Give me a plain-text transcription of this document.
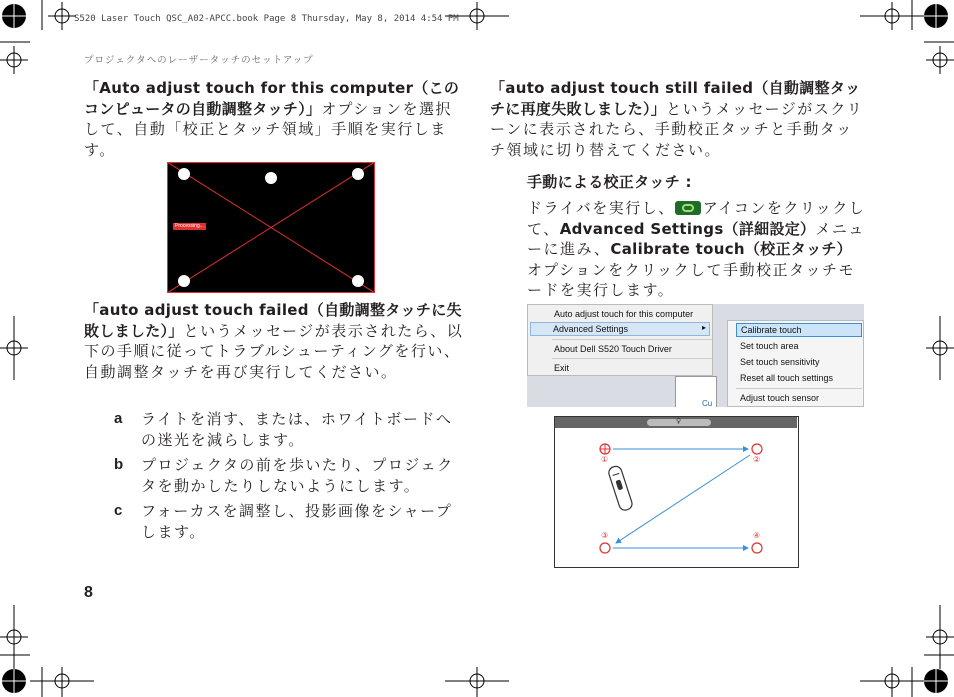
S520 Laser Touch QSC_A02-APCC.book Page 8 Thursday, May 8, 2014 4:54 PM
プロジェクタへのレーザータッチのセットアップ

「Auto adjust touch for this computer（このコンピュータの自動調整タッチ）」オプションを選択して、自動「校正とタッチ領域」手順を実行します。

Processing...

「auto adjust touch failed（自動調整タッチに失敗しました）」というメッセージが表示されたら、以下の手順に従ってトラブルシューティングを行い、自動調整タッチを再び実行してください。

a ライトを消す、または、ホワイトボードへの迷光を減らします。
b プロジェクタの前を歩いたり、プロジェクタを動かしたりしないようにします。
c フォーカスを調整し、投影画像をシャープします。
8

「auto adjust touch still failed（自動調整タッチに再度失敗しました）」というメッセージがスクリーンに表示されたら、手動校正タッチと手動タッチ領域に切り替えてください。

手動による校正タッチ :

ドライバを実行し、 アイコンをクリックして、Advanced Settings（詳細設定）メニューに進み、Calibrate touch（校正タッチ）オプションをクリックして手動校正タッチモードを実行します。

Auto adjust touch for this computer
Advanced Settings	▸
About Dell S520 Touch Driver
Exit
Cu
Calibrate touch
Set touch area
Set touch sensitivity
Reset all touch settings
Adjust touch sensor
♀
①	②
③	④
